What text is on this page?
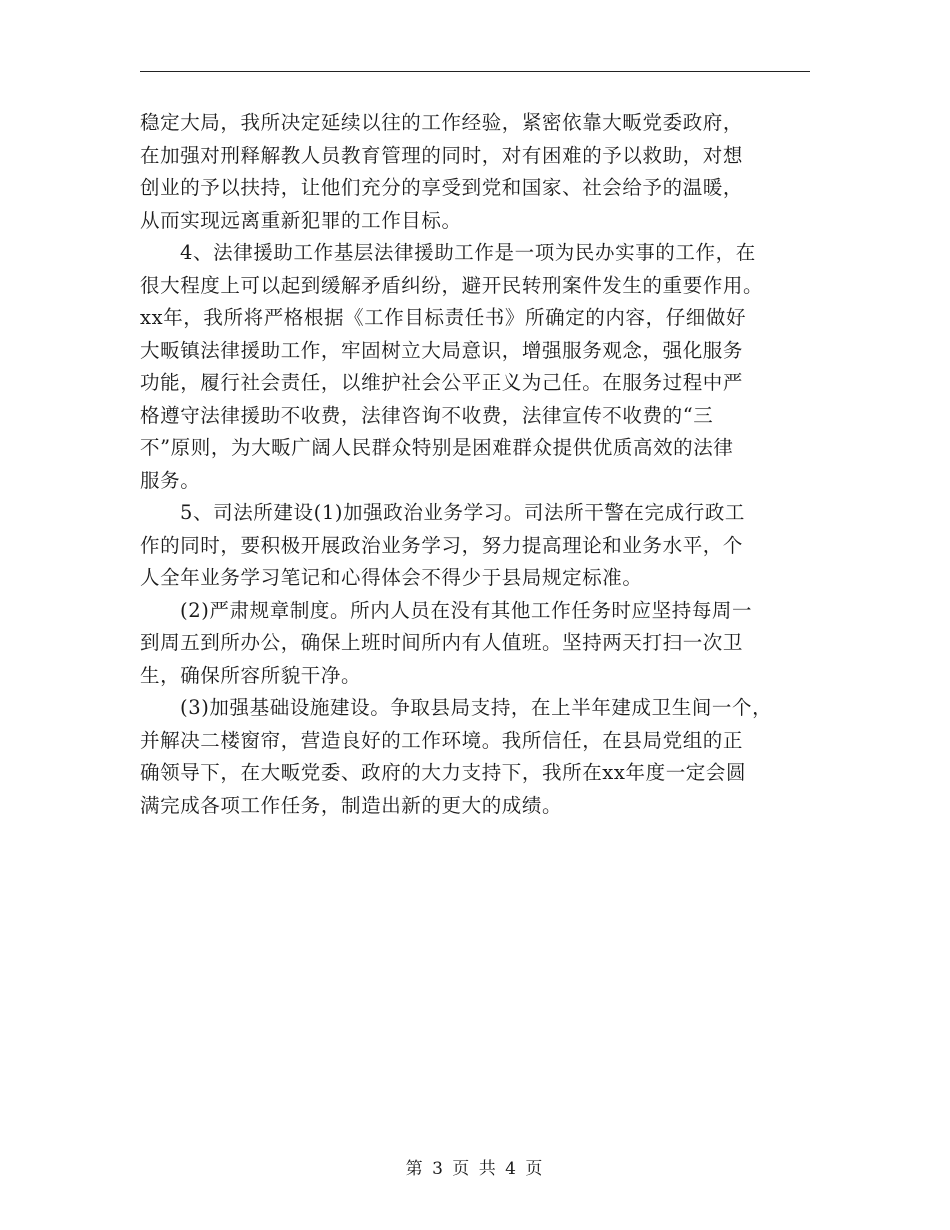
稳定大局，我所决定延续以往的工作经验，紧密依靠大畈党委政府，
在加强对刑释解教人员教育管理的同时，对有困难的予以救助，对想
创业的予以扶持，让他们充分的享受到党和国家、社会给予的温暖，
从而实现远离重新犯罪的工作目标。
4、法律援助工作基层法律援助工作是一项为民办实事的工作，在
很大程度上可以起到缓解矛盾纠纷，避开民转刑案件发生的重要作用。
xx年，我所将严格根据《工作目标责任书》所确定的内容，仔细做好
大畈镇法律援助工作，牢固树立大局意识，增强服务观念，强化服务
功能，履行社会责任，以维护社会公平正义为己任。在服务过程中严
格遵守法律援助不收费，法律咨询不收费，法律宣传不收费的“三
不”原则，为大畈广阔人民群众特别是困难群众提供优质高效的法律
服务。
5、司法所建设(1)加强政治业务学习。司法所干警在完成行政工
作的同时，要积极开展政治业务学习，努力提高理论和业务水平，个
人全年业务学习笔记和心得体会不得少于县局规定标准。
(2)严肃规章制度。所内人员在没有其他工作任务时应坚持每周一
到周五到所办公，确保上班时间所内有人值班。坚持两天打扫一次卫
生，确保所容所貌干净。
(3)加强基础设施建设。争取县局支持，在上半年建成卫生间一个，
并解决二楼窗帘，营造良好的工作环境。我所信任，在县局党组的正
确领导下，在大畈党委、政府的大力支持下，我所在xx年度一定会圆
满完成各项工作任务，制造出新的更大的成绩。
第 3 页 共 4 页
